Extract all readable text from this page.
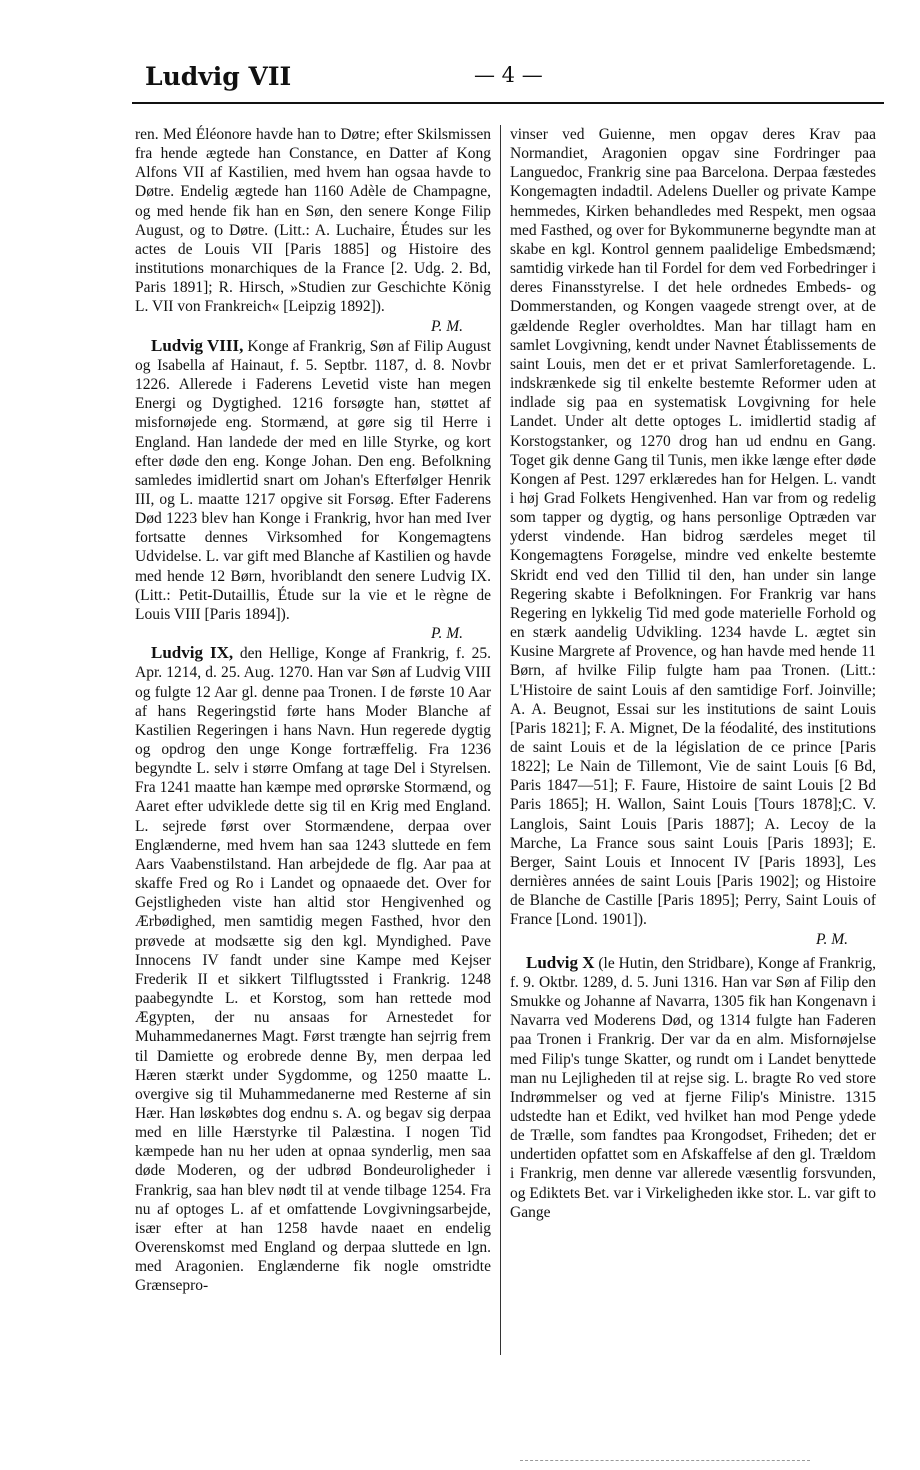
Ludvig VII	— 4 —

ren. Med Éléonore havde han to Døtre; efter Skilsmissen fra hende ægtede han Constance, en Datter af Kong Alfons VII af Kastilien, med hvem han ogsaa havde to Døtre. Endelig ægtede han 1160 Adèle de Champagne, og med hende fik han en Søn, den senere Konge Filip August, og to Døtre. (Litt.: A. Luchaire, Études sur les actes de Louis VII [Paris 1885] og Histoire des institutions monarchiques de la France [2. Udg. 2. Bd, Paris 1891]; R. Hirsch, »Studien zur Geschichte König L. VII von Frankreich« [Leipzig 1892]).
P. M.

Ludvig VIII, Konge af Frankrig, Søn af Filip August og Isabella af Hainaut, f. 5. Septbr. 1187, d. 8. Novbr 1226. Allerede i Faderens Levetid viste han megen Energi og Dygtighed. 1216 forsøgte han, støttet af misfornøjede eng. Stormænd, at gøre sig til Herre i England. Han landede der med en lille Styrke, og kort efter døde den eng. Konge Johan. Den eng. Befolkning samledes imidlertid snart om Johan's Efterfølger Henrik III, og L. maatte 1217 opgive sit Forsøg. Efter Faderens Død 1223 blev han Konge i Frankrig, hvor han med Iver fortsatte dennes Virksomhed for Kongemagtens Udvidelse. L. var gift med Blanche af Kastilien og havde med hende 12 Børn, hvoriblandt den senere Ludvig IX. (Litt.: Petit-Dutaillis, Étude sur la vie et le règne de Louis VIII [Paris 1894]).
P. M.

Ludvig IX, den Hellige, Konge af Frankrig, f. 25. Apr. 1214, d. 25. Aug. 1270. Han var Søn af Ludvig VIII og fulgte 12 Aar gl. denne paa Tronen. I de første 10 Aar af hans Regeringstid førte hans Moder Blanche af Kastilien Regeringen i hans Navn. Hun regerede dygtig og opdrog den unge Konge fortræffelig. Fra 1236 begyndte L. selv i større Omfang at tage Del i Styrelsen. Fra 1241 maatte han kæmpe med oprørske Stormænd, og Aaret efter udviklede dette sig til en Krig med England. L. sejrede først over Stormændene, derpaa over Englænderne, med hvem han saa 1243 sluttede en fem Aars Vaabenstilstand. Han arbejdede de flg. Aar paa at skaffe Fred og Ro i Landet og opnaaede det. Over for Gejstligheden viste han altid stor Hengivenhed og Ærbødighed, men samtidig megen Fasthed, hvor den prøvede at modsætte sig den kgl. Myndighed. Pave Innocens IV fandt under sine Kampe med Kejser Frederik II et sikkert Tilflugtssted i Frankrig. 1248 paabegyndte L. et Korstog, som han rettede mod Ægypten, der nu ansaas for Arnestedet for Muhammedanernes Magt. Først trængte han sejrrig frem til Damiette og erobrede denne By, men derpaa led Hæren stærkt under Sygdomme, og 1250 maatte L. overgive sig til Muhammedanerne med Resterne af sin Hær. Han løskøbtes dog endnu s. A. og begav sig derpaa med en lille Hærstyrke til Palæstina. I nogen Tid kæmpede han nu her uden at opnaa synderlig, men saa døde Moderen, og der udbrød Bondeuroligheder i Frankrig, saa han blev nødt til at vende tilbage 1254. Fra nu af optoges L. af et omfattende Lovgivningsarbejde, især efter at han 1258 havde naaet en endelig Overenskomst med England og derpaa sluttede en lgn. med Aragonien. Englænderne fik nogle omstridte Grænsepro-

vinser ved Guienne, men opgav deres Krav paa Normandiet, Aragonien opgav sine Fordringer paa Languedoc, Frankrig sine paa Barcelona. Derpaa fæstedes Kongemagten indadtil. Adelens Dueller og private Kampe hemmedes, Kirken behandledes med Respekt, men ogsaa med Fasthed, og over for Bykommunerne begyndte man at skabe en kgl. Kontrol gennem paalidelige Embedsmænd; samtidig virkede han til Fordel for dem ved Forbedringer i deres Finansstyrelse. I det hele ordnedes Embeds- og Dommerstanden, og Kongen vaagede strengt over, at de gældende Regler overholdtes. Man har tillagt ham en samlet Lovgivning, kendt under Navnet Établissements de saint Louis, men det er et privat Samlerforetagende. L. indskrænkede sig til enkelte bestemte Reformer uden at indlade sig paa en systematisk Lovgivning for hele Landet. Under alt dette optoges L. imidlertid stadig af Korstogstanker, og 1270 drog han ud endnu en Gang. Toget gik denne Gang til Tunis, men ikke længe efter døde Kongen af Pest. 1297 erklæredes han for Helgen. L. vandt i høj Grad Folkets Hengivenhed. Han var from og redelig som tapper og dygtig, og hans personlige Optræden var yderst vindende. Han bidrog særdeles meget til Kongemagtens Forøgelse, mindre ved enkelte bestemte Skridt end ved den Tillid til den, han under sin lange Regering skabte i Befolkningen. For Frankrig var hans Regering en lykkelig Tid med gode materielle Forhold og en stærk aandelig Udvikling. 1234 havde L. ægtet sin Kusine Margrete af Provence, og han havde med hende 11 Børn, af hvilke Filip fulgte ham paa Tronen. (Litt.: L'Histoire de saint Louis af den samtidige Forf. Joinville; A. A. Beugnot, Essai sur les institutions de saint Louis [Paris 1821]; F. A. Mignet, De la féodalité, des institutions de saint Louis et de la législation de ce prince [Paris 1822]; Le Nain de Tillemont, Vie de saint Louis [6 Bd, Paris 1847—51]; F. Faure, Histoire de saint Louis [2 Bd Paris 1865]; H. Wallon, Saint Louis [Tours 1878];C. V. Langlois, Saint Louis [Paris 1887]; A. Lecoy de la Marche, La France sous saint Louis [Paris 1893]; E. Berger, Saint Louis et Innocent IV [Paris 1893], Les dernières années de saint Louis [Paris 1902]; og Histoire de Blanche de Castille [Paris 1895]; Perry, Saint Louis of France [Lond. 1901]).
P. M.

Ludvig X (le Hutin, den Stridbare), Konge af Frankrig, f. 9. Oktbr. 1289, d. 5. Juni 1316. Han var Søn af Filip den Smukke og Johanne af Navarra, 1305 fik han Kongenavn i Navarra ved Moderens Død, og 1314 fulgte han Faderen paa Tronen i Frankrig. Der var da en alm. Misfornøjelse med Filip's tunge Skatter, og rundt om i Landet benyttede man nu Lejligheden til at rejse sig. L. bragte Ro ved store Indrømmelser og ved at fjerne Filip's Ministre. 1315 udstedte han et Edikt, ved hvilket han mod Penge ydede de Trælle, som fandtes paa Krongodset, Friheden; det er undertiden opfattet som en Afskaffelse af den gl. Trældom i Frankrig, men denne var allerede væsentlig forsvunden, og Ediktets Bet. var i Virkeligheden ikke stor. L. var gift to Gange
